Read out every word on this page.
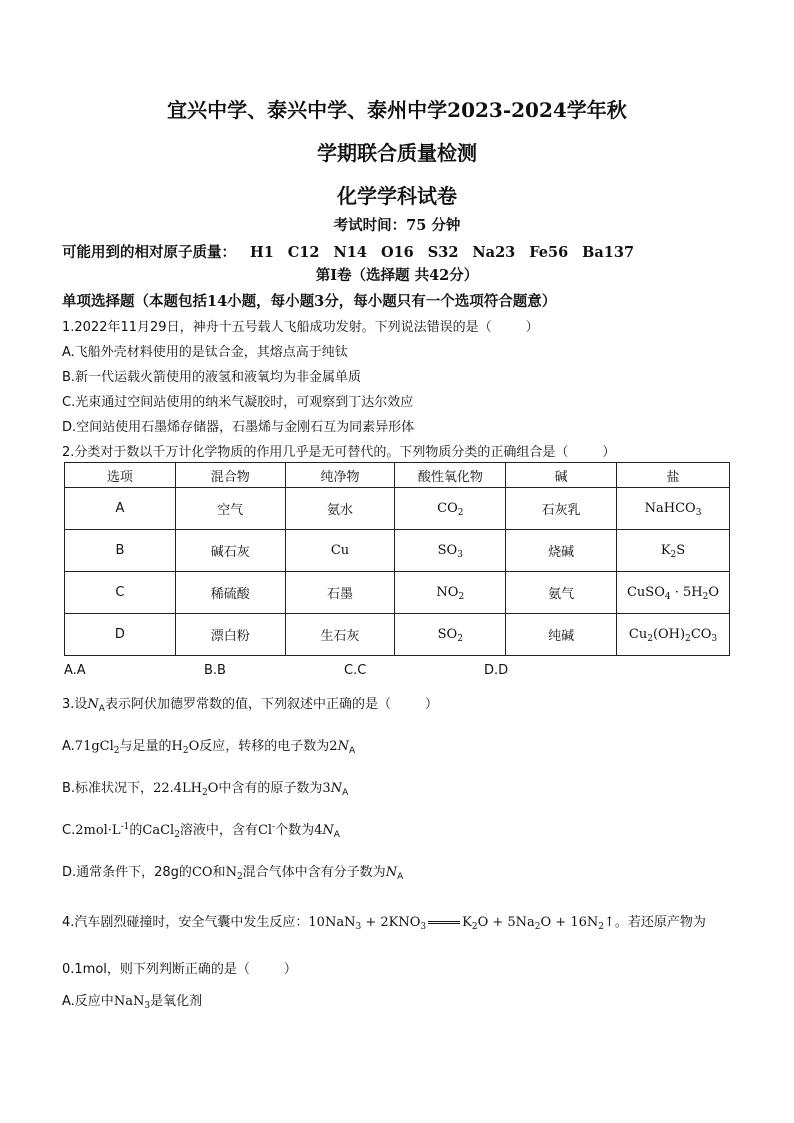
宜兴中学、泰兴中学、泰州中学2023-2024学年秋
学期联合质量检测
化学学科试卷
考试时间：75 分钟
可能用到的相对原子质量： H1 C12 N14 O16 S32 Na23 Fe56 Ba137
第Ⅰ卷（选择题 共42分）
单项选择题（本题包括14小题，每小题3分，每小题只有一个选项符合题意）
1.2022年11月29日，神舟十五号载人飞船成功发射。下列说法错误的是（	）
A.飞船外壳材料使用的是钛合金，其熔点高于纯钛
B.新一代运载火箭使用的液氢和液氧均为非金属单质
C.光束通过空间站使用的纳米气凝胶时，可观察到丁达尔效应
D.空间站使用石墨烯存储器，石墨烯与金刚石互为同素异形体
2.分类对于数以千万计化学物质的作用几乎是无可替代的。下列物质分类的正确组合是（	）
选项	混合物	纯净物	酸性氧化物	碱	盐
A	空气	氨水	$CO_2$	石灰乳	NaHCO$_3$
B	碱石灰	Cu	$SO_3$	烧碱	$K_2S$
C	稀硫酸	石墨	$NO_2$	氨气	CuSO$_4$ · $5H_2O$
D	漂白粉	生石灰	$SO_2$	纯碱	$Cu_2(OH)_2CO_3$
A.A	B.B	C.C	D.D
3.设$N_A$表示阿伏加德罗常数的值，下列叙述中正确的是（	）
A.71gCl$_2$与足量的$H_2O$反应，转移的电子数为$2N_A$
B.标准状况下，$22.4LH_2O$中含有的原子数为$3N_A$
$C.2mol\cdot L^{-1}$的CaCl$_2$溶液中，含有Cl-个数为$4N_A$
D.通常条件下，28g的CO和$N_2$混合气体中含有分子数为$N_A$
4.汽车剧烈碰撞时，安全气囊中发生反应：$10NaN_3 + 2KNO_3$	$K_2O + 5Na_2O$ + $16N_2↑$。若还原产物为
0.1mol，则下列判断正确的是（	）
A.反应中NaN$_3$是氧化剂
